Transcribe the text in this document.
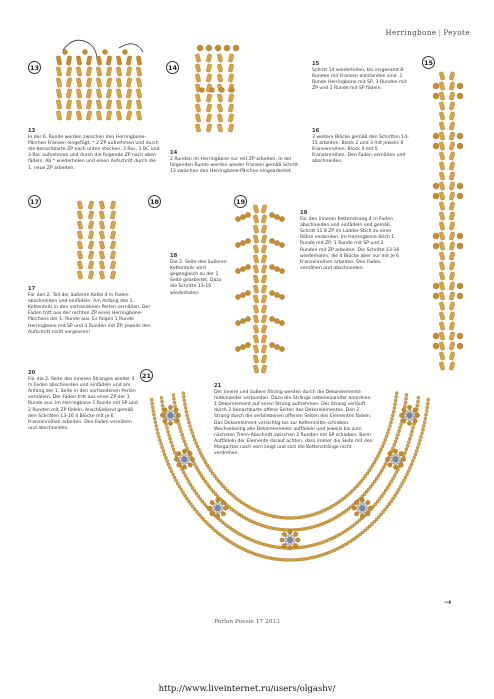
Herringbone | Peyote
13	14
15
17	18	19
21
13
In der 6. Runde werden zwischen den Herringbone-Pärchen Fransen eingefügt. * 2 ZP aufnehmen und durch die benachbarte ZP nach unten stechen. 3 Roc, 1 BC und 3 Roc aufnehmen und durch die folgende ZP nach oben fädeln. Ab * wiederholen und einen Aufschritt durch die 1. neue ZP arbeiten.
14
2 Runden im Herringbone nur mit ZP arbeiten. In der folgenden Runde werden wieder Fransen gemäß Schritt 13 zwischen den Herringbone-Pärchen eingearbeitet.
15
Schritt 14 wiederholen, bis insgesamt 8 Runden mit Fransen entstanden sind. 1 Runde Herringbone mit SP, 3 Runden mit ZP und 1 Runde mit SP fädeln.
16
3 weitere Blöcke gemäß den Schritten 14-15 arbeiten. Block 2 und 3 mit jeweils 6 Fransenreihen, Block 4 mit 5 Fransenreihen. Den Faden vernähen und abschneiden.
17
Für den 2. Teil der äußeren Kette 4 m Faden abschneiden und einfädeln. Am Anfang des 1. Kettenteils in den vorhandenen Perlen vernähen. Der Faden tritt aus der rechten ZP eines Herringbone-Pärchens der 1. Runde aus. Es folgen 1 Runde Herringbone mit SP und 3 Runden mit ZP. Jeweils den Aufschritt nicht vergessen!
18
Die 2. Seite des äußeren Kettenteils wird gegengleich zu der 1. Seite gearbeitet. Dazu die Schritte 13-16 wiederholen.
19
Für den inneren Kettenstrang 4 m Faden abschneiden und einfädeln und gemäß Schritt 11 8 ZP im Ladder-Stich zu einer Röhre verbinden. Im Herringbone-Stich 1 Runde mit ZP, 1 Runde mit SP und 2 Runden mit ZP arbeiten. Die Schritte 13-16 wiederholen, die 4 Blöcke aber nur mit je 6 Fransenreihen arbeiten. Den Faden vernähen und abschneiden.
20
Für die 2. Seite des inneren Stranges wieder 4 m Faden abschneiden und einfädeln und am Anfang der 1. Seite in den vorhandenen Perlen vernähen. Der Faden tritt aus einer ZP der 1. Runde aus. Im Herringbone 1 Runde mit SP und 2 Runden mit ZP fädeln. Anschließend gemäß den Schritten 13-16 4 Blöcke mit je 6 Fransenreihen arbeiten. Den Faden vernähen und abschneiden.
21
Der innere und äußere Strang werden durch die Dekorelemente miteinander verbunden. Dazu die Stränge nebeneinander anordnen. 1 Dekorelement auf einen Strang aufnehmen. Der Strang verläuft durch 2 benachbarte offene Seiten des Dekorelementes. Den 2. Strang durch die verbliebenen offenen Seiten des Elementes fädeln. Das Dekorelement vorsichtig bis zur Kettenmitte schieben. Wechselseitig alle Dekorelemente auffädeln und jeweils bis zum nächsten Trenn-Abschnitt zwischen 2 Runden mit SP schieben. Beim Auffädeln der Elemente darauf achten, dass immer die Seite mit den Margaritas nach vorn zeigt und sich die Kettenstränge nicht verdrehen.
→
Perlen Poesie 17 2013
http://www.liveinternet.ru/users/olgashv/
